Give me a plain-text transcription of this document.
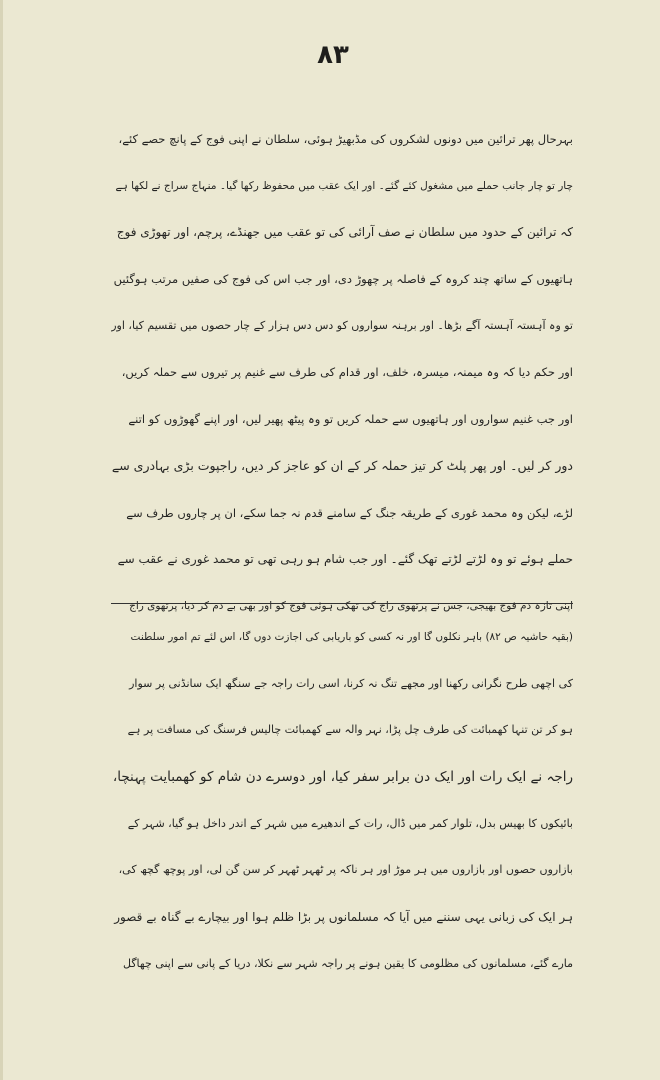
۸۳
بہرحال پھر ترائین میں دونوں لشکروں کی مڈبھیڑ ہوئی، سلطان نے اپنی فوج کے پانچ حصے کئے،
چار تو چار جانب حملے میں مشغول کئے گئے۔ اور ایک عقب میں محفوظ رکھا گیا۔ منہاج سراج نے لکھا ہے
کہ ترائین کے حدود میں سلطان نے صف آرائی کی تو عقب میں جھنڈے، پرچم، اور تھوڑی فوج
ہاتھیوں کے ساتھ چند کروہ کے فاصلہ پر چھوڑ دی، اور جب اس کی فوج کی صفیں مرتب ہوگئیں
تو وہ آہستہ آہستہ آگے بڑھا۔ اور برہنہ سواروں کو دس دس ہزار کے چار حصوں میں تقسیم کیا، اور
اور حکم دیا کہ وہ میمنہ، میسرہ، خلف، اور قدام کی طرف سے غنیم پر تیروں سے حملہ کریں،
اور جب غنیم سواروں اور ہاتھیوں سے حملہ کریں تو وہ پیٹھ پھیر لیں، اور اپنے گھوڑوں کو اتنے
دور کر لیں۔ اور پھر پلٹ کر تیز حملہ کر کے ان کو عاجز کر دیں، راجپوت بڑی بہادری سے
لڑے، لیکن وہ محمد غوری کے طریقہ جنگ کے سامنے قدم نہ جما سکے، ان پر چاروں طرف سے
حملے ہوئے تو وہ لڑتے لڑتے تھک گئے۔ اور جب شام ہو رہی تھی تو محمد غوری نے عقب سے
اپنی تازہ دم فوج بھیجی، جس نے پرتھوی راج کی تھکی ہوئی فوج کو اور بھی بے دم کر دیا، پرتھوی راج
(بقیہ حاشیہ ص ۸۲) باہر نکلوں گا اور نہ کسی کو باریابی کی اجازت دوں گا، اس لئے تم امور سلطنت
کی اچھی طرح نگرانی رکھنا اور مجھے تنگ نہ کرنا، اسی رات راجہ جے سنگھ ایک سانڈنی پر سوار
ہو کر تن تنہا کھمبائت کی طرف چل پڑا، نہر والہ سے کھمبائت چالیس فرسنگ کی مسافت پر ہے
راجہ نے ایک رات اور ایک دن برابر سفر کیا، اور دوسرے دن شام کو کھمبایت پہنچا،
بائیکوں کا بھیس بدل، تلوار کمر میں ڈال، رات کے اندھیرے میں شہر کے اندر داخل ہو گیا، شہر کے
بازاروں حصوں اور بازاروں میں ہر موڑ اور ہر ناکہ پر ٹھہر ٹھہر کر سن گن لی، اور پوچھ گچھ کی،
ہر ایک کی زبانی یہی سننے میں آیا کہ مسلمانوں پر بڑا ظلم ہوا اور بیچارے بے گناہ بے قصور
مارے گئے، مسلمانوں کی مظلومی کا یقین ہونے پر راجہ شہر سے نکلا، دریا کے پانی سے اپنی چھاگل
